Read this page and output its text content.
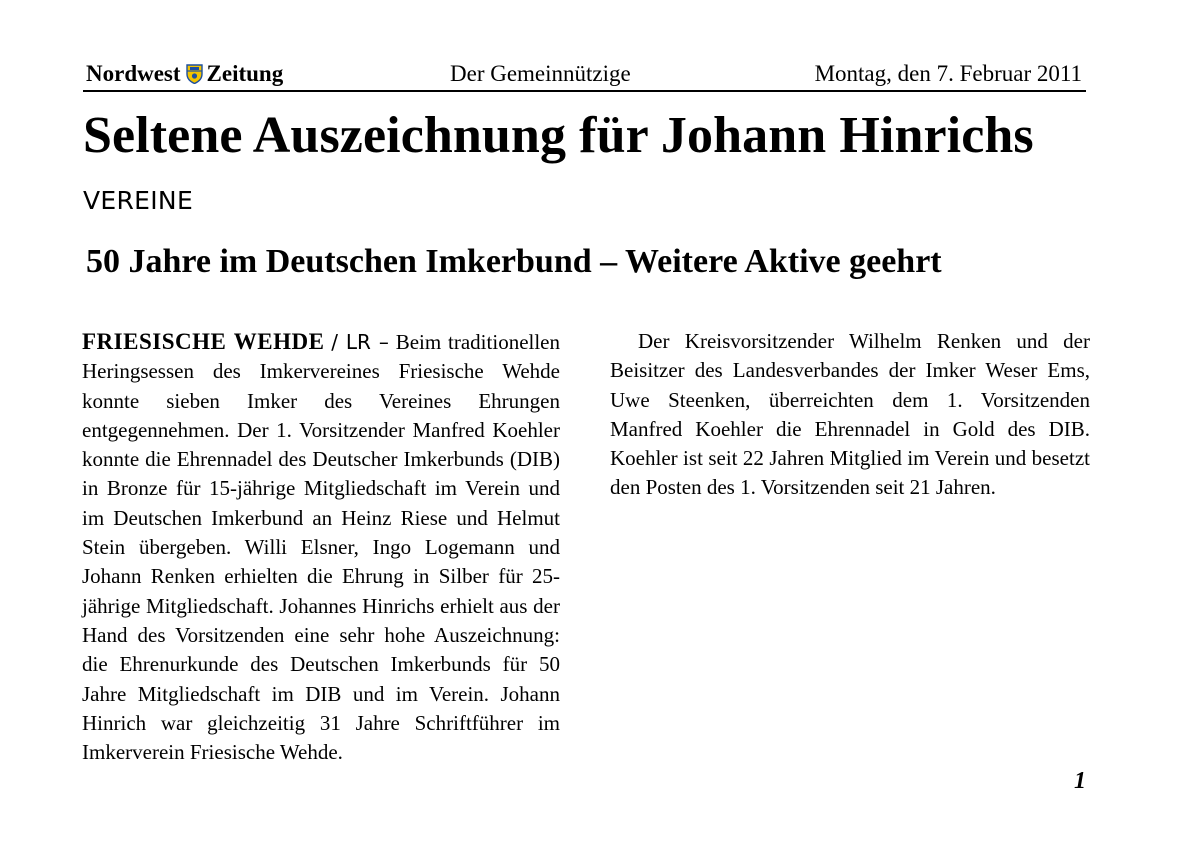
Nordwest Zeitung	Der Gemeinnützige	Montag, den 7. Februar 2011
Seltene Auszeichnung für Johann Hinrichs
VEREINE
50 Jahre im Deutschen Imkerbund – Weitere Aktive geehrt

FRIESISCHE WEHDE / LR – Beim traditionellen Heringsessen des Imkervereines Friesische Wehde konnte sieben Imker des Vereines Ehrungen entgegennehmen. Der 1. Vorsitzender Manfred Koehler konnte die Ehrennadel des Deutscher Imkerbunds (DIB) in Bronze für 15-jährige Mitgliedschaft im Verein und im Deutschen Imkerbund an Heinz Riese und Helmut Stein übergeben. Willi Elsner, Ingo Logemann und Johann Renken erhielten die Ehrung in Silber für 25-jährige Mitgliedschaft. Johannes Hinrichs erhielt aus der Hand des Vorsitzenden eine sehr hohe Auszeichnung: die Ehrenurkunde des Deutschen Imkerbunds für 50 Jahre Mitgliedschaft im DIB und im Verein. Johann Hinrich war gleichzeitig 31 Jahre Schriftführer im Imkerverein Friesische Wehde.

Der Kreisvorsitzender Wilhelm Renken und der Beisitzer des Landesverbandes der Imker Weser Ems, Uwe Steenken, überreichten dem 1. Vorsitzenden Manfred Koehler die Ehrennadel in Gold des DIB. Koehler ist seit 22 Jahren Mitglied im Verein und besetzt den Posten des 1. Vorsitzenden seit 21 Jahren.

1
